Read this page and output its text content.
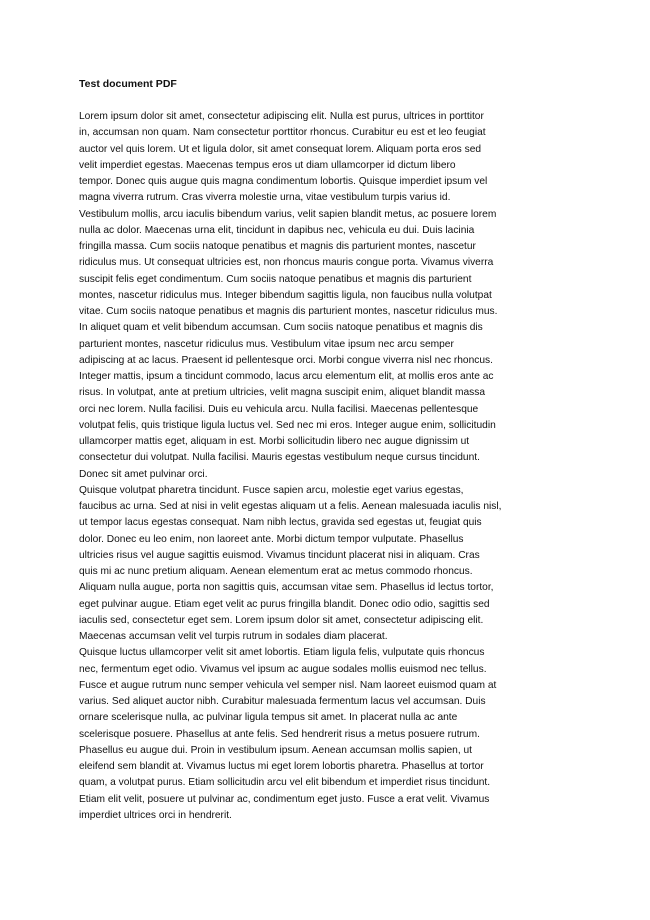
Test document PDF
Lorem ipsum dolor sit amet, consectetur adipiscing elit. Nulla est purus, ultrices in porttitor
in, accumsan non quam. Nam consectetur porttitor rhoncus. Curabitur eu est et leo feugiat
auctor vel quis lorem. Ut et ligula dolor, sit amet consequat lorem. Aliquam porta eros sed
velit imperdiet egestas. Maecenas tempus eros ut diam ullamcorper id dictum libero
tempor. Donec quis augue quis magna condimentum lobortis. Quisque imperdiet ipsum vel
magna viverra rutrum. Cras viverra molestie urna, vitae vestibulum turpis varius id.
Vestibulum mollis, arcu iaculis bibendum varius, velit sapien blandit metus, ac posuere lorem
nulla ac dolor. Maecenas urna elit, tincidunt in dapibus nec, vehicula eu dui. Duis lacinia
fringilla massa. Cum sociis natoque penatibus et magnis dis parturient montes, nascetur
ridiculus mus. Ut consequat ultricies est, non rhoncus mauris congue porta. Vivamus viverra
suscipit felis eget condimentum. Cum sociis natoque penatibus et magnis dis parturient
montes, nascetur ridiculus mus. Integer bibendum sagittis ligula, non faucibus nulla volutpat
vitae. Cum sociis natoque penatibus et magnis dis parturient montes, nascetur ridiculus mus.
In aliquet quam et velit bibendum accumsan. Cum sociis natoque penatibus et magnis dis
parturient montes, nascetur ridiculus mus. Vestibulum vitae ipsum nec arcu semper
adipiscing at ac lacus. Praesent id pellentesque orci. Morbi congue viverra nisl nec rhoncus.
Integer mattis, ipsum a tincidunt commodo, lacus arcu elementum elit, at mollis eros ante ac
risus. In volutpat, ante at pretium ultricies, velit magna suscipit enim, aliquet blandit massa
orci nec lorem. Nulla facilisi. Duis eu vehicula arcu. Nulla facilisi. Maecenas pellentesque
volutpat felis, quis tristique ligula luctus vel. Sed nec mi eros. Integer augue enim, sollicitudin
ullamcorper mattis eget, aliquam in est. Morbi sollicitudin libero nec augue dignissim ut
consectetur dui volutpat. Nulla facilisi. Mauris egestas vestibulum neque cursus tincidunt.
Donec sit amet pulvinar orci.
Quisque volutpat pharetra tincidunt. Fusce sapien arcu, molestie eget varius egestas,
faucibus ac urna. Sed at nisi in velit egestas aliquam ut a felis. Aenean malesuada iaculis nisl,
ut tempor lacus egestas consequat. Nam nibh lectus, gravida sed egestas ut, feugiat quis
dolor. Donec eu leo enim, non laoreet ante. Morbi dictum tempor vulputate. Phasellus
ultricies risus vel augue sagittis euismod. Vivamus tincidunt placerat nisi in aliquam. Cras
quis mi ac nunc pretium aliquam. Aenean elementum erat ac metus commodo rhoncus.
Aliquam nulla augue, porta non sagittis quis, accumsan vitae sem. Phasellus id lectus tortor,
eget pulvinar augue. Etiam eget velit ac purus fringilla blandit. Donec odio odio, sagittis sed
iaculis sed, consectetur eget sem. Lorem ipsum dolor sit amet, consectetur adipiscing elit.
Maecenas accumsan velit vel turpis rutrum in sodales diam placerat.
Quisque luctus ullamcorper velit sit amet lobortis. Etiam ligula felis, vulputate quis rhoncus
nec, fermentum eget odio. Vivamus vel ipsum ac augue sodales mollis euismod nec tellus.
Fusce et augue rutrum nunc semper vehicula vel semper nisl. Nam laoreet euismod quam at
varius. Sed aliquet auctor nibh. Curabitur malesuada fermentum lacus vel accumsan. Duis
ornare scelerisque nulla, ac pulvinar ligula tempus sit amet. In placerat nulla ac ante
scelerisque posuere. Phasellus at ante felis. Sed hendrerit risus a metus posuere rutrum.
Phasellus eu augue dui. Proin in vestibulum ipsum. Aenean accumsan mollis sapien, ut
eleifend sem blandit at. Vivamus luctus mi eget lorem lobortis pharetra. Phasellus at tortor
quam, a volutpat purus. Etiam sollicitudin arcu vel elit bibendum et imperdiet risus tincidunt.
Etiam elit velit, posuere ut pulvinar ac, condimentum eget justo. Fusce a erat velit. Vivamus
imperdiet ultrices orci in hendrerit.
